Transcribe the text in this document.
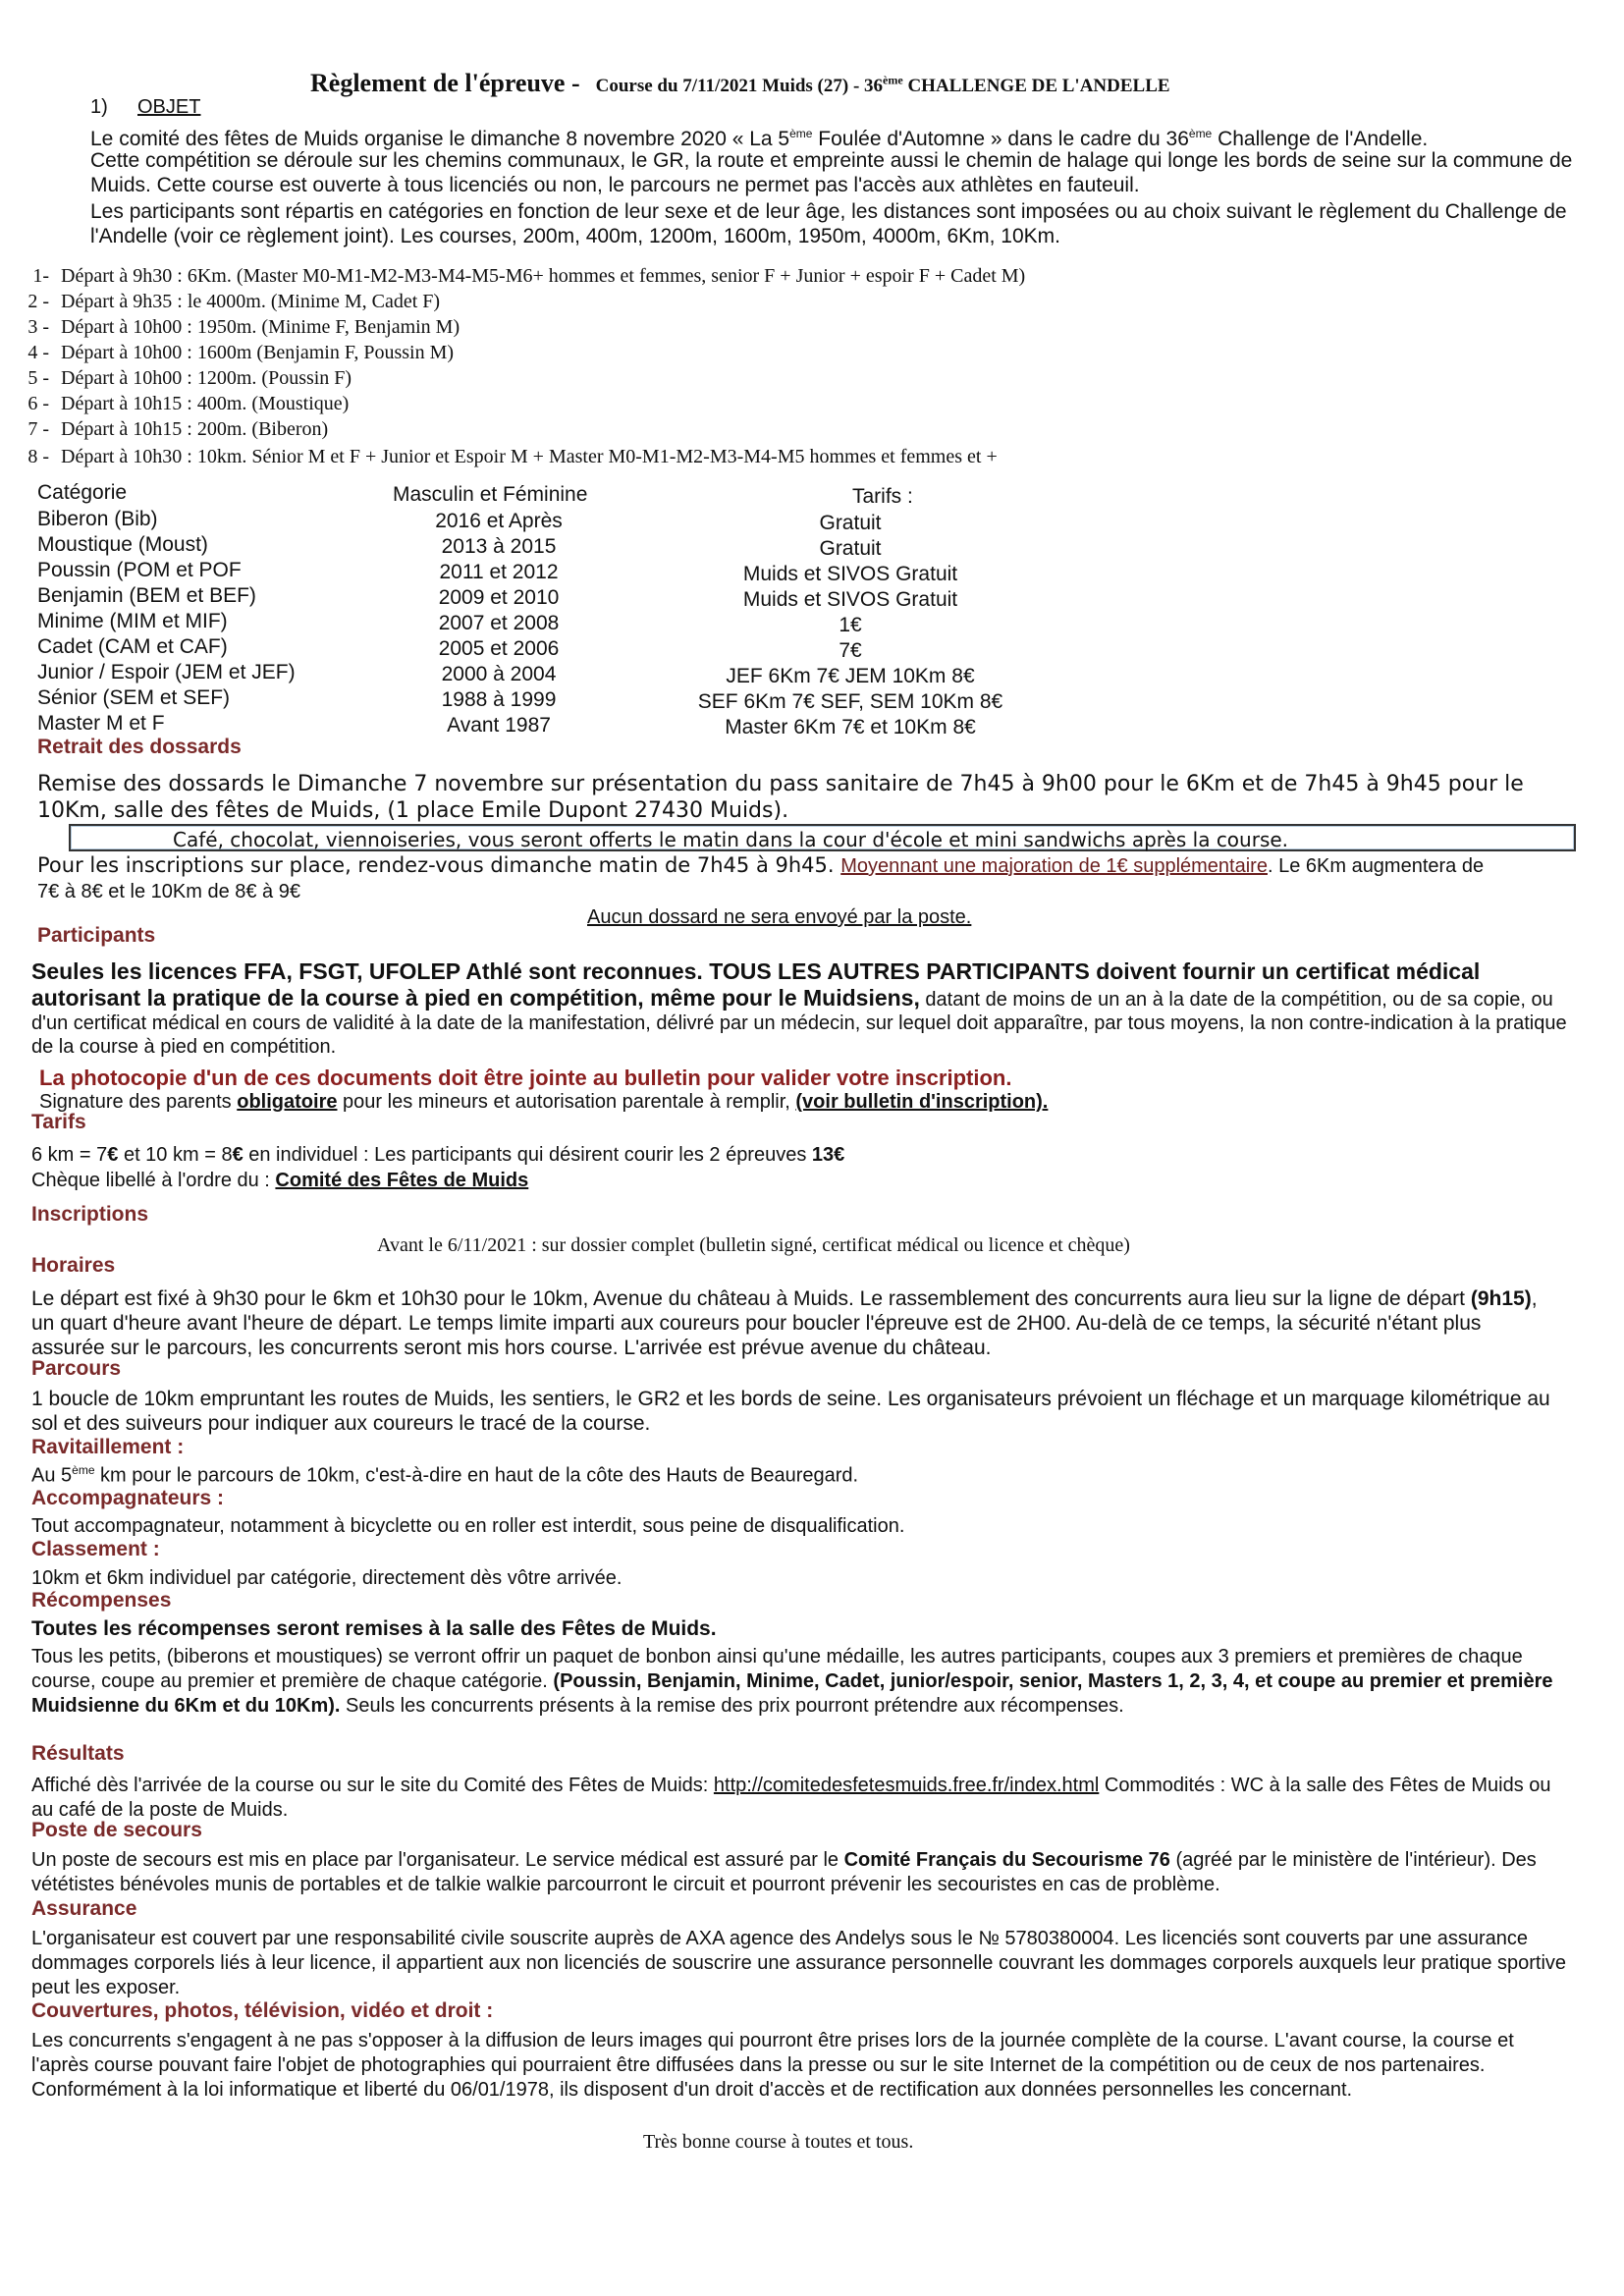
Règlement de l'épreuve - Course du 7/11/2021 Muids (27) - 36ème CHALLENGE DE L'ANDELLE
1) OBJET
Le comité des fêtes de Muids organise le dimanche 8 novembre 2020 « La 5ème Foulée d'Automne » dans le cadre du 36ème Challenge de l'Andelle.
Cette compétition se déroule sur les chemins communaux, le GR, la route et empreinte aussi le chemin de halage qui longe les bords de seine sur la commune de Muids. Cette course est ouverte à tous licenciés ou non, le parcours ne permet pas l'accès aux athlètes en fauteuil.
Les participants sont répartis en catégories en fonction de leur sexe et de leur âge, les distances sont imposées ou au choix suivant le règlement du Challenge de l'Andelle (voir ce règlement joint). Les courses, 200m, 400m, 1200m, 1600m, 1950m, 4000m, 6Km, 10Km.
1- Départ à 9h30 : 6Km. (Master M0-M1-M2-M3-M4-M5-M6+ hommes et femmes, senior F + Junior + espoir F + Cadet M)
2 - Départ à 9h35 : le 4000m. (Minime M, Cadet F)
3 - Départ à 10h00 : 1950m. (Minime F, Benjamin M)
4 - Départ à 10h00 : 1600m (Benjamin F, Poussin M)
5 - Départ à 10h00 : 1200m. (Poussin F)
6 - Départ à 10h15 : 400m. (Moustique)
7 - Départ à 10h15 : 200m. (Biberon)
8 - Départ à 10h30 : 10km. Sénior M et F + Junior et Espoir M + Master M0-M1-M2-M3-M4-M5 hommes et femmes et +
Catégorie	Masculin et Féminine	Tarifs :
Biberon (Bib)	2016 et Après	Gratuit
Moustique (Moust)	2013 à 2015	Gratuit
Poussin (POM et POF	2011 et 2012	Muids et SIVOS Gratuit
Benjamin (BEM et BEF)	2009 et 2010	Muids et SIVOS Gratuit
Minime (MIM et MIF)	2007 et 2008	1€
Cadet (CAM et CAF)	2005 et 2006	7€
Junior / Espoir (JEM et JEF)	2000 à 2004	JEF 6Km 7€ JEM 10Km 8€
Sénior (SEM et SEF)	1988 à 1999	SEF 6Km 7€ SEF, SEM 10Km 8€
Master M et F	Avant 1987	Master 6Km 7€ et 10Km 8€
Retrait des dossards
Remise des dossards le Dimanche 7 novembre sur présentation du pass sanitaire de 7h45 à 9h00 pour le 6Km et de 7h45 à 9h45 pour le 10Km, salle des fêtes de Muids, (1 place Emile Dupont 27430 Muids).
Café, chocolat, viennoiseries, vous seront offerts le matin dans la cour d'école et mini sandwichs après la course.
Pour les inscriptions sur place, rendez-vous dimanche matin de 7h45 à 9h45. Moyennant une majoration de 1€ supplémentaire. Le 6Km augmentera de 7€ à 8€ et le 10Km de 8€ à 9€
Aucun dossard ne sera envoyé par la poste.
Participants
Seules les licences FFA, FSGT, UFOLEP Athlé sont reconnues. TOUS LES AUTRES PARTICIPANTS doivent fournir un certificat médical autorisant la pratique de la course à pied en compétition, même pour le Muidsiens, datant de moins de un an à la date de la compétition, ou de sa copie, ou d'un certificat médical en cours de validité à la date de la manifestation, délivré par un médecin, sur lequel doit apparaître, par tous moyens, la non contre-indication à la pratique de la course à pied en compétition.
La photocopie d'un de ces documents doit être jointe au bulletin pour valider votre inscription.
Signature des parents obligatoire pour les mineurs et autorisation parentale à remplir, (voir bulletin d'inscription).
Tarifs
6 km = 7€ et 10 km = 8€ en individuel : Les participants qui désirent courir les 2 épreuves 13€
Chèque libellé à l'ordre du : Comité des Fêtes de Muids
Inscriptions
Avant le 6/11/2021 : sur dossier complet (bulletin signé, certificat médical ou licence et chèque)
Horaires
Le départ est fixé à 9h30 pour le 6km et 10h30 pour le 10km, Avenue du château à Muids. Le rassemblement des concurrents aura lieu sur la ligne de départ (9h15), un quart d'heure avant l'heure de départ. Le temps limite imparti aux coureurs pour boucler l'épreuve est de 2H00. Au-delà de ce temps, la sécurité n'étant plus assurée sur le parcours, les concurrents seront mis hors course. L'arrivée est prévue avenue du château.
Parcours
1 boucle de 10km empruntant les routes de Muids, les sentiers, le GR2 et les bords de seine. Les organisateurs prévoient un fléchage et un marquage kilométrique au sol et des suiveurs pour indiquer aux coureurs le tracé de la course.
Ravitaillement :
Au 5ème km pour le parcours de 10km, c'est-à-dire en haut de la côte des Hauts de Beauregard.
Accompagnateurs :
Tout accompagnateur, notamment à bicyclette ou en roller est interdit, sous peine de disqualification.
Classement :
10km et 6km individuel par catégorie, directement dès vôtre arrivée.
Récompenses
Toutes les récompenses seront remises à la salle des Fêtes de Muids.
Tous les petits, (biberons et moustiques) se verront offrir un paquet de bonbon ainsi qu'une médaille, les autres participants, coupes aux 3 premiers et premières de chaque course, coupe au premier et première de chaque catégorie. (Poussin, Benjamin, Minime, Cadet, junior/espoir, senior, Masters 1, 2, 3, 4, et coupe au premier et première Muidsienne du 6Km et du 10Km). Seuls les concurrents présents à la remise des prix pourront prétendre aux récompenses.
Résultats
Affiché dès l'arrivée de la course ou sur le site du Comité des Fêtes de Muids: http://comitedesfetesmuids.free.fr/index.html Commodités : WC à la salle des Fêtes de Muids ou au café de la poste de Muids.
Poste de secours
Un poste de secours est mis en place par l'organisateur. Le service médical est assuré par le Comité Français du Secourisme 76 (agréé par le ministère de l'intérieur). Des vététistes bénévoles munis de portables et de talkie walkie parcourront le circuit et pourront prévenir les secouristes en cas de problème.
Assurance
L'organisateur est couvert par une responsabilité civile souscrite auprès de AXA agence des Andelys sous le № 5780380004. Les licenciés sont couverts par une assurance dommages corporels liés à leur licence, il appartient aux non licenciés de souscrire une assurance personnelle couvrant les dommages corporels auxquels leur pratique sportive peut les exposer.
Couvertures, photos, télévision, vidéo et droit :
Les concurrents s'engagent à ne pas s'opposer à la diffusion de leurs images qui pourront être prises lors de la journée complète de la course. L'avant course, la course et l'après course pouvant faire l'objet de photographies qui pourraient être diffusées dans la presse ou sur le site Internet de la compétition ou de ceux de nos partenaires. Conformément à la loi informatique et liberté du 06/01/1978, ils disposent d'un droit d'accès et de rectification aux données personnelles les concernant.
Très bonne course à toutes et tous.
